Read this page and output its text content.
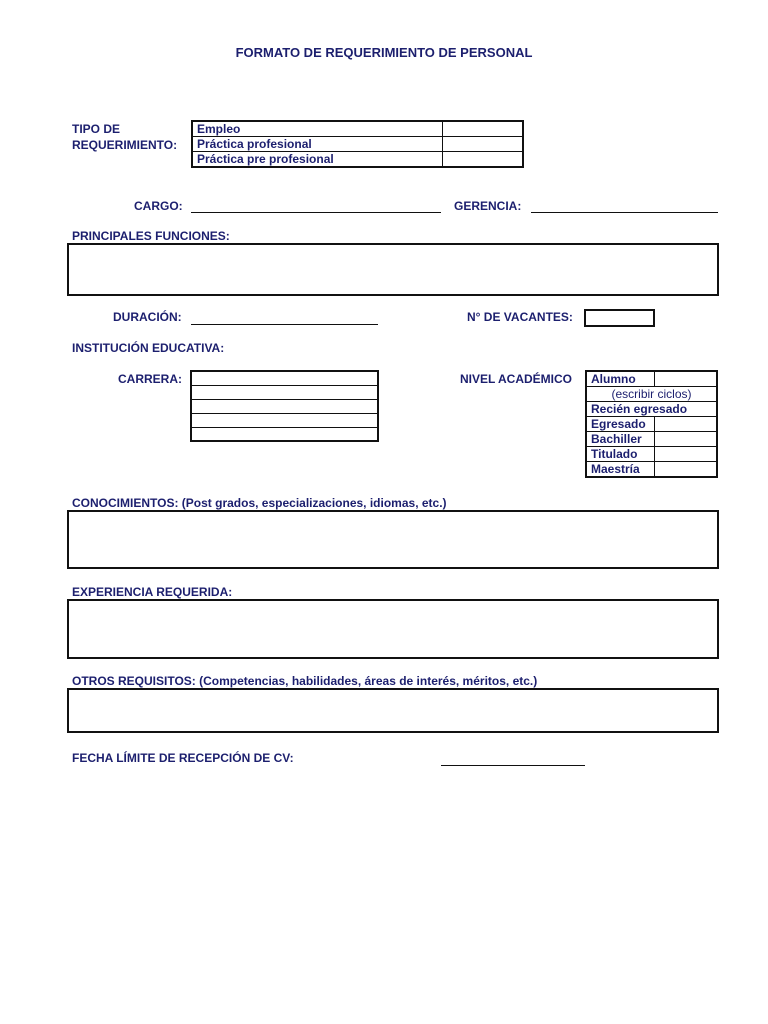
FORMATO DE REQUERIMIENTO DE PERSONAL
TIPO DE
REQUERIMIENTO:
Empleo	
Práctica profesional	
Práctica pre profesional	
CARGO:	GERENCIA:
PRINCIPALES FUNCIONES:
DURACIÓN:	N° DE VACANTES:
INSTITUCIÓN EDUCATIVA:
CARRERA:	NIVEL ACADÉMICO Alumno	
(escribir ciclos)	
Recién egresado	
Egresado	
Bachiller	
Titulado	
Maestría	
CONOCIMIENTOS: (Post grados, especializaciones, idiomas, etc.)
EXPERIENCIA REQUERIDA:
OTROS REQUISITOS: (Competencias, habilidades, áreas de interés, méritos, etc.)
FECHA LÍMITE DE RECEPCIÓN DE CV:
